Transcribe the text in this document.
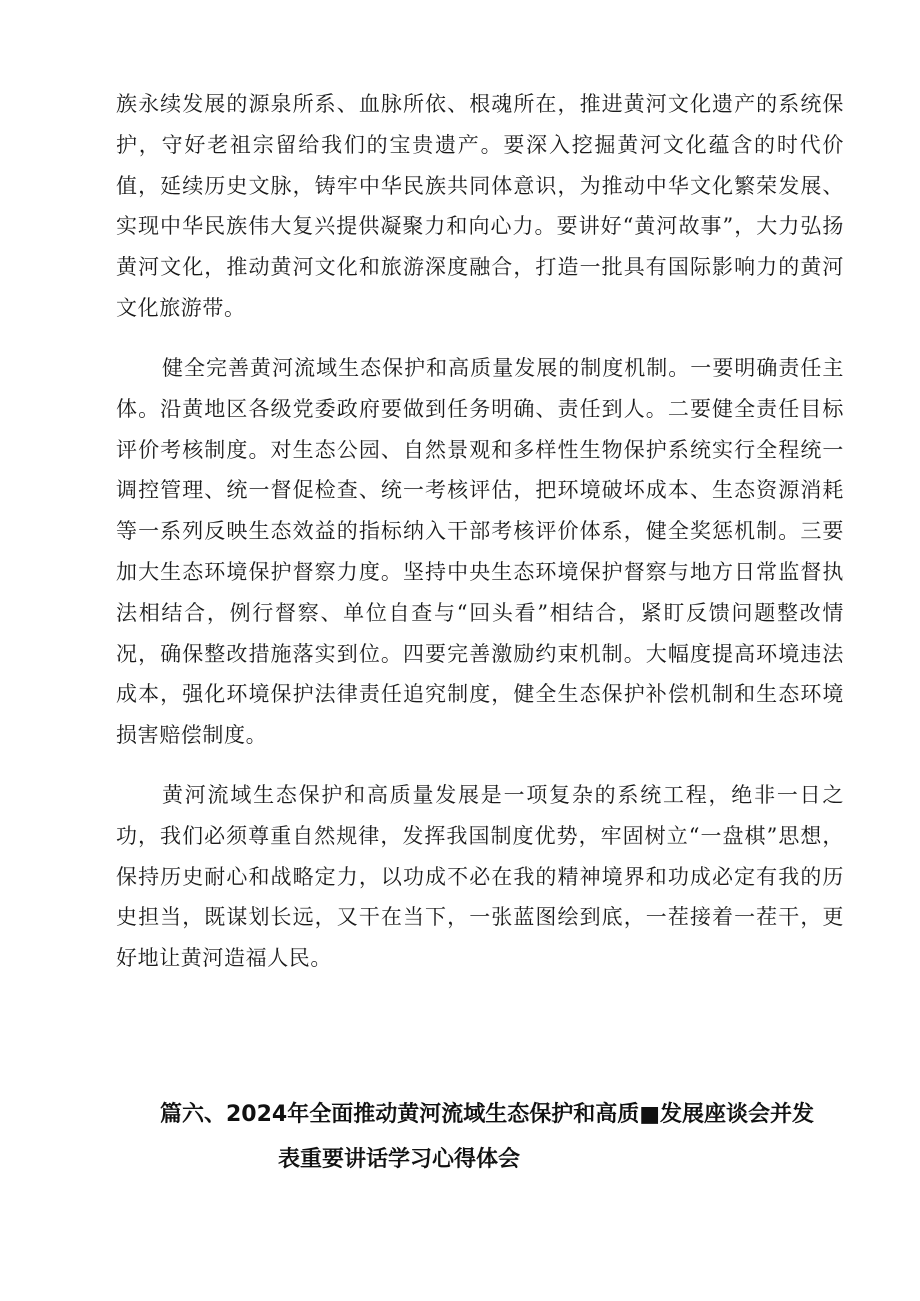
族永续发展的源泉所系、血脉所依、根魂所在，推进黄河文化遗产的系统保护，守好老祖宗留给我们的宝贵遗产。要深入挖掘黄河文化蕴含的时代价值，延续历史文脉，铸牢中华民族共同体意识，为推动中华文化繁荣发展、实现中华民族伟大复兴提供凝聚力和向心力。要讲好“黄河故事”，大力弘扬黄河文化，推动黄河文化和旅游深度融合，打造一批具有国际影响力的黄河文化旅游带。

健全完善黄河流域生态保护和高质量发展的制度机制。一要明确责任主体。沿黄地区各级党委政府要做到任务明确、责任到人。二要健全责任目标评价考核制度。对生态公园、自然景观和多样性生物保护系统实行全程统一调控管理、统一督促检查、统一考核评估，把环境破坏成本、生态资源消耗等一系列反映生态效益的指标纳入干部考核评价体系，健全奖惩机制。三要加大生态环境保护督察力度。坚持中央生态环境保护督察与地方日常监督执法相结合，例行督察、单位自查与“回头看”相结合，紧盯反馈问题整改情况，确保整改措施落实到位。四要完善激励约束机制。大幅度提高环境违法成本，强化环境保护法律责任追究制度，健全生态保护补偿机制和生态环境损害赔偿制度。

黄河流域生态保护和高质量发展是一项复杂的系统工程，绝非一日之功，我们必须尊重自然规律，发挥我国制度优势，牢固树立“一盘棋”思想，保持历史耐心和战略定力，以功成不必在我的精神境界和功成必定有我的历史担当，既谋划长远，又干在当下，一张蓝图绘到底，一茬接着一茬干，更好地让黄河造福人民。

篇六、2024年全面推动黄河流域生态保护和高质■发展座谈会并发
表重要讲话学习心得体会
